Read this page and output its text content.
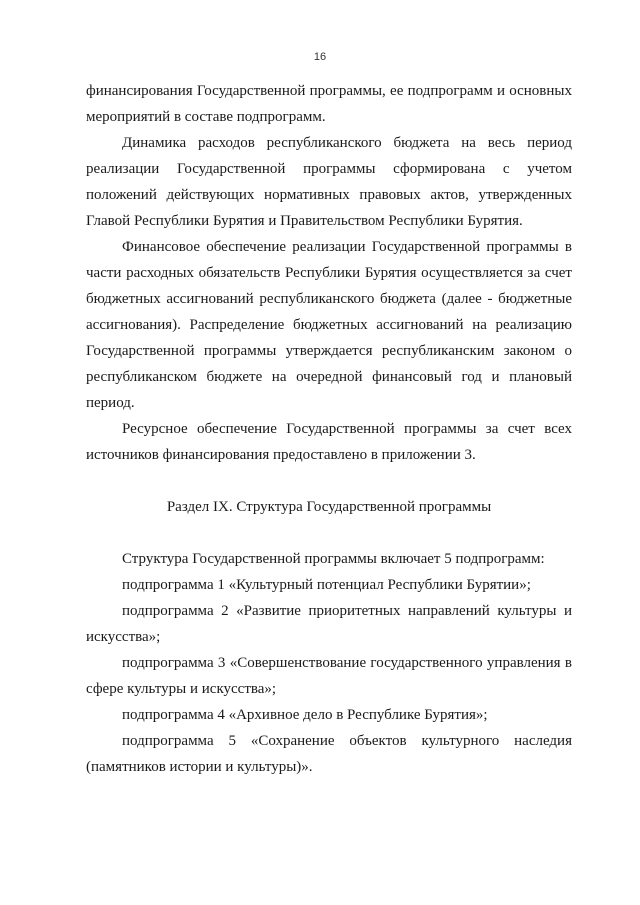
16

финансирования Государственной программы, ее подпрограмм и основных мероприятий в составе подпрограмм.

Динамика расходов республиканского бюджета на весь период реализации Государственной программы сформирована с учетом положений действующих нормативных правовых актов, утвержденных Главой Республики Бурятия и Правительством Республики Бурятия.

Финансовое обеспечение реализации Государственной программы в части расходных обязательств Республики Бурятия осуществляется за счет бюджетных ассигнований республиканского бюджета (далее - бюджетные ассигнования). Распределение бюджетных ассигнований на реализацию Государственной программы утверждается республиканским законом о республиканском бюджете на очередной финансовый год и плановый период.

Ресурсное обеспечение Государственной программы за счет всех источников финансирования предоставлено в приложении 3.

Раздел IX. Структура Государственной программы

Структура Государственной программы включает 5 подпрограмм:

подпрограмма 1 «Культурный потенциал Республики Бурятии»;

подпрограмма 2 «Развитие приоритетных направлений культуры и искусства»;

подпрограмма 3 «Совершенствование государственного управления в сфере культуры и искусства»;

подпрограмма 4 «Архивное дело в Республике Бурятия»;

подпрограмма 5 «Сохранение объектов культурного наследия (памятников истории и культуры)».
